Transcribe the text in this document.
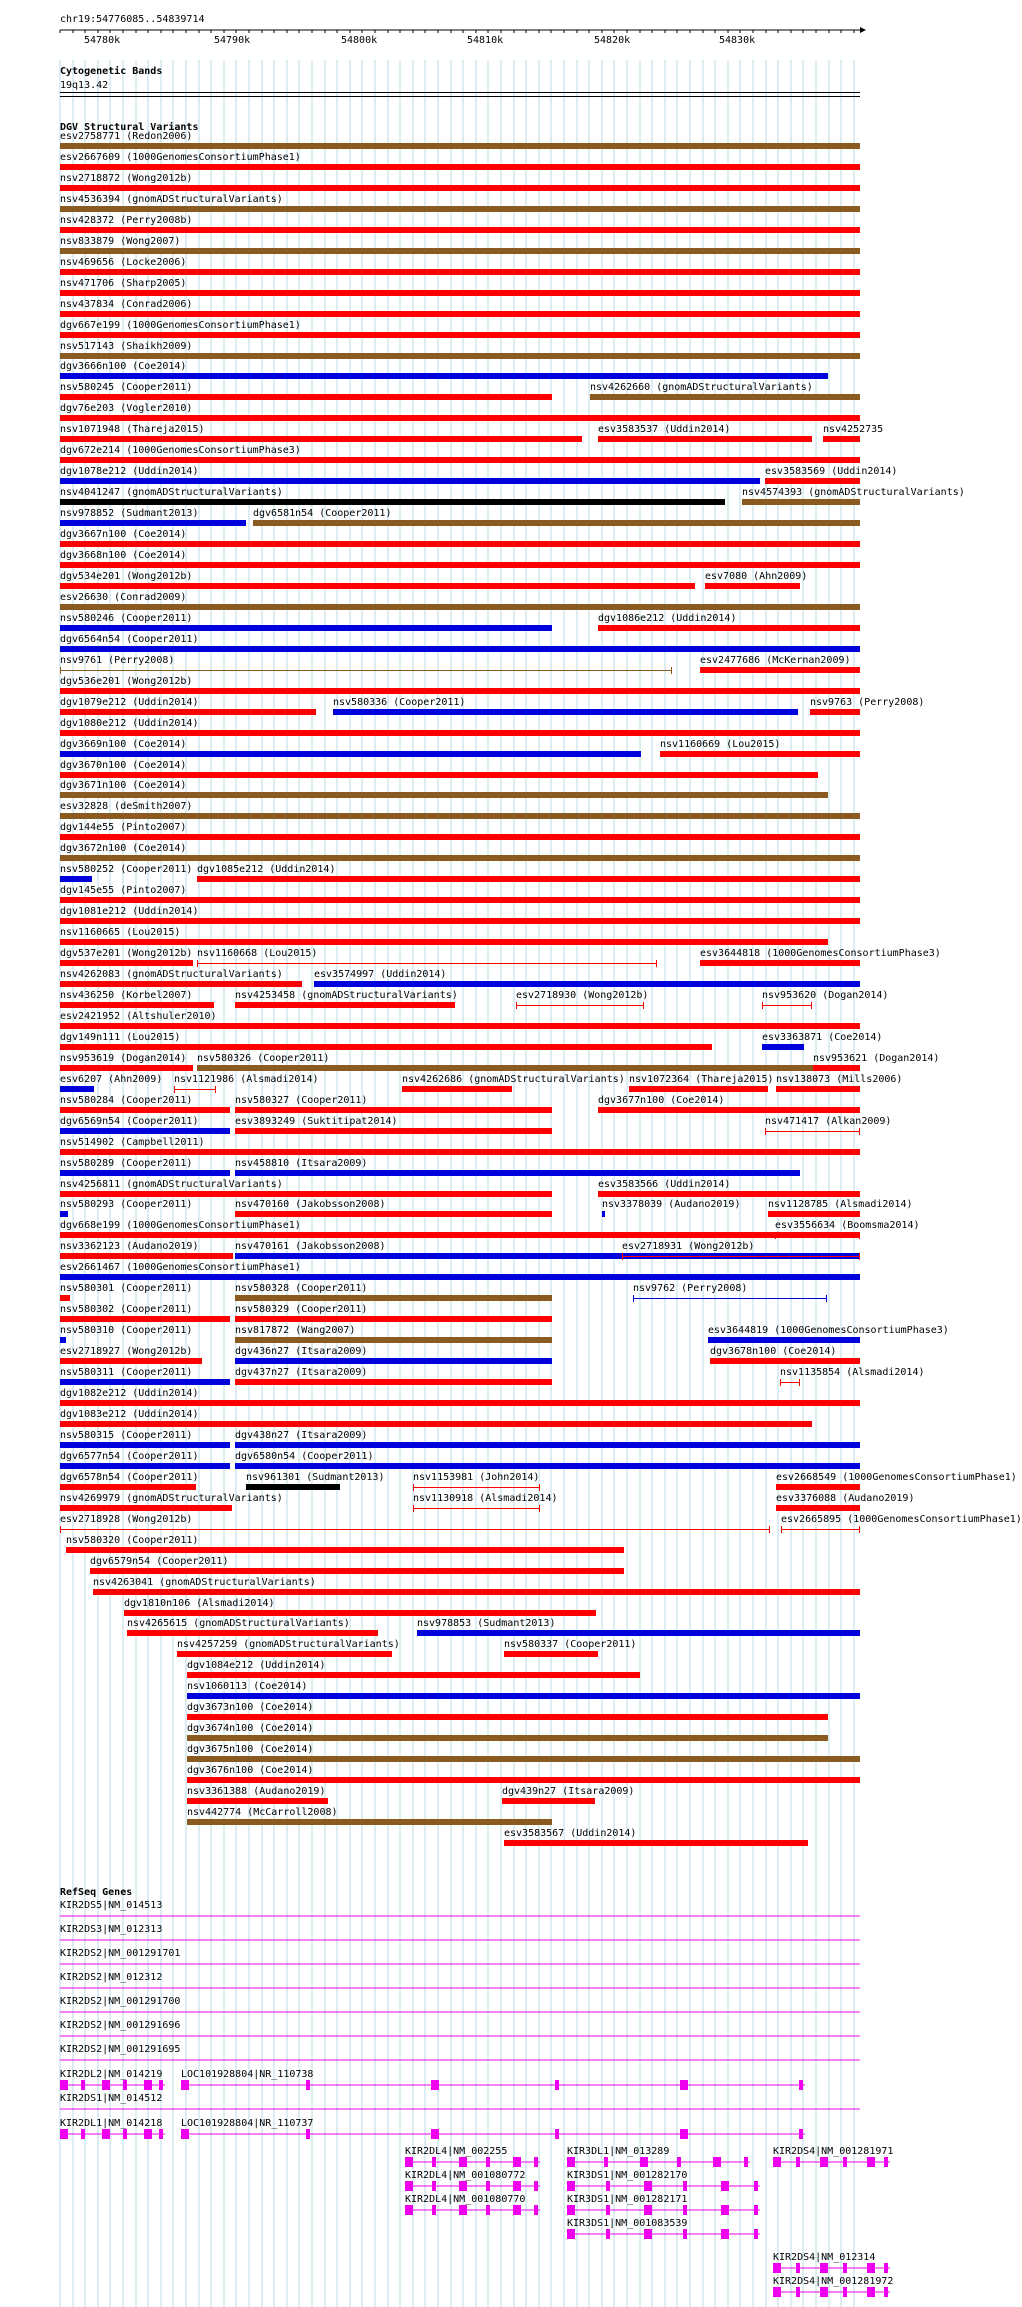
chr19:54776085..54839714
54780k	54790k	54800k	54810k	54820k	54830k
Cytogenetic Bands
19q13.42
DGV Structural Variants
RefSeq Genes
esv2758771 (Redon2006)
esv2667609 (1000GenomesConsortiumPhase1)
nsv2718872 (Wong2012b)
nsv4536394 (gnomADStructuralVariants)
nsv428372 (Perry2008b)
nsv833879 (Wong2007)
nsv469656 (Locke2006)
nsv471706 (Sharp2005)
nsv437834 (Conrad2006)
dgv667e199 (1000GenomesConsortiumPhase1)
nsv517143 (Shaikh2009)
dgv3666n100 (Coe2014)
nsv580245 (Cooper2011)	nsv4262660 (gnomADStructuralVariants)
dgv76e203 (Vogler2010)
nsv1071948 (Thareja2015)	esv3583537 (Uddin2014)	nsv4252735
dgv672e214 (1000GenomesConsortiumPhase3)
dgv1078e212 (Uddin2014)	esv3583569 (Uddin2014)
nsv4041247 (gnomADStructuralVariants)	nsv4574393 (gnomADStructuralVariants)
nsv978852 (Sudmant2013)	dgv6581n54 (Cooper2011)
dgv3667n100 (Coe2014)
dgv3668n100 (Coe2014)
dgv534e201 (Wong2012b)	esv7080 (Ahn2009)
esv26630 (Conrad2009)
nsv580246 (Cooper2011)	dgv1086e212 (Uddin2014)
dgv6564n54 (Cooper2011)
nsv9761 (Perry2008)	esv2477686 (McKernan2009)
dgv536e201 (Wong2012b)
dgv1079e212 (Uddin2014)	nsv580336 (Cooper2011)	nsv9763 (Perry2008)
dgv1080e212 (Uddin2014)
dgv3669n100 (Coe2014)	nsv1160669 (Lou2015)
dgv3670n100 (Coe2014)
dgv3671n100 (Coe2014)
esv32828 (deSmith2007)
dgv144e55 (Pinto2007)
dgv3672n100 (Coe2014)
nsv580252 (Cooper2011) dgv1085e212 (Uddin2014)
dgv145e55 (Pinto2007)
dgv1081e212 (Uddin2014)
nsv1160665 (Lou2015)
dgv537e201 (Wong2012b) nsv1160668 (Lou2015)	esv3644818 (1000GenomesConsortiumPhase3)
nsv4262083 (gnomADStructuralVariants)	esv3574997 (Uddin2014)
nsv436250 (Korbel2007)	nsv4253458 (gnomADStructuralVariants)	esv2718930 (Wong2012b)	nsv953620 (Dogan2014)
esv2421952 (Altshuler2010)
dgv149n111 (Lou2015)	esv3363871 (Coe2014)
nsv953619 (Dogan2014) nsv580326 (Cooper2011)	nsv953621 (Dogan2014)
esv6207 (Ahn2009) nsv1121986 (Alsmadi2014)	nsv4262686 (gnomADStructuralVariants) nsv1072364 (Thareja2015) nsv138073 (Mills2006)
nsv580284 (Cooper2011)	nsv580327 (Cooper2011)	dgv3677n100 (Coe2014)
dgv6569n54 (Cooper2011)	esv3893249 (Suktitipat2014)	nsv471417 (Alkan2009)
nsv514902 (Campbell2011)
nsv580289 (Cooper2011)	nsv458810 (Itsara2009)
nsv4256811 (gnomADStructuralVariants)	esv3583566 (Uddin2014)
nsv580293 (Cooper2011)	nsv470160 (Jakobsson2008)	nsv3378039 (Audano2019)	nsv1128785 (Alsmadi2014)
dgv668e199 (1000GenomesConsortiumPhase1)	esv3556634 (Boomsma2014)
nsv3362123 (Audano2019)	nsv470161 (Jakobsson2008)	esv2718931 (Wong2012b)
esv2661467 (1000GenomesConsortiumPhase1)
nsv580301 (Cooper2011)	nsv580328 (Cooper2011)	nsv9762 (Perry2008)
nsv580302 (Cooper2011)	nsv580329 (Cooper2011)
nsv580310 (Cooper2011)	nsv817872 (Wang2007)	esv3644819 (1000GenomesConsortiumPhase3)
esv2718927 (Wong2012b)	dgv436n27 (Itsara2009)	dgv3678n100 (Coe2014)
nsv580311 (Cooper2011)	dgv437n27 (Itsara2009)	nsv1135854 (Alsmadi2014)
dgv1082e212 (Uddin2014)
dgv1083e212 (Uddin2014)
nsv580315 (Cooper2011)	dgv438n27 (Itsara2009)
dgv6577n54 (Cooper2011)	dgv6580n54 (Cooper2011)
dgv6578n54 (Cooper2011)	nsv961301 (Sudmant2013)	nsv1153981 (John2014)	esv2668549 (1000GenomesConsortiumPhase1)
nsv4269979 (gnomADStructuralVariants)	nsv1130918 (Alsmadi2014)	esv3376088 (Audano2019)
esv2718928 (Wong2012b)	esv2665895 (1000GenomesConsortiumPhase1)
nsv580320 (Cooper2011)
dgv6579n54 (Cooper2011)
nsv4263041 (gnomADStructuralVariants)
dgv1810n106 (Alsmadi2014)
nsv4265615 (gnomADStructuralVariants)	nsv978853 (Sudmant2013)
nsv4257259 (gnomADStructuralVariants)	nsv580337 (Cooper2011)
dgv1084e212 (Uddin2014)
nsv1060113 (Coe2014)
dgv3673n100 (Coe2014)
dgv3674n100 (Coe2014)
dgv3675n100 (Coe2014)
dgv3676n100 (Coe2014)
nsv3361388 (Audano2019)	dgv439n27 (Itsara2009)
nsv442774 (McCarroll2008)
esv3583567 (Uddin2014)
KIR2DS5|NM_014513
KIR2DS3|NM_012313
KIR2DS2|NM_001291701
KIR2DS2|NM_012312
KIR2DS2|NM_001291700
KIR2DS2|NM_001291696
KIR2DS2|NM_001291695
KIR2DL2|NM_014219 LOC101928804|NR_110738
KIR2DS1|NM_014512
KIR2DL1|NM_014218 LOC101928804|NR_110737
KIR2DL4|NM_002255	KIR3DL1|NM_013289	KIR2DS4|NM_001281971
KIR2DL4|NM_001080772	KIR3DS1|NM_001282170
KIR2DL4|NM_001080770	KIR3DS1|NM_001282171
KIR3DS1|NM_001083539
KIR2DS4|NM_012314
KIR2DS4|NM_001281972
